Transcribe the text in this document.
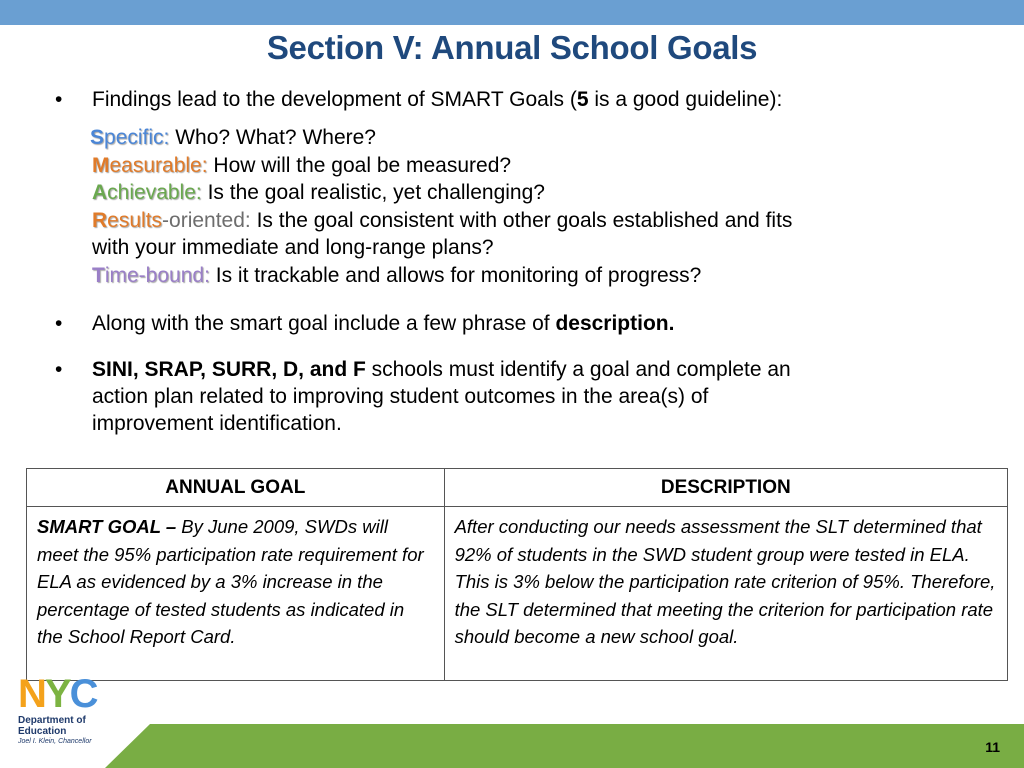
Section V: Annual School Goals
• Findings lead to the development of SMART Goals (5 is a good guideline):
Specific: Who? What? Where?
Measurable: How will the goal be measured?
Achievable: Is the goal realistic, yet challenging?
Results-oriented: Is the goal consistent with other goals established and fits
with your immediate and long-range plans?
Time-bound: Is it trackable and allows for monitoring of progress?
• Along with the smart goal include a few phrase of description.
• SINI, SRAP, SURR, D, and F schools must identify a goal and complete an
action plan related to improving student outcomes in the area(s) of
improvement identification.
ANNUAL GOAL	DESCRIPTION
SMART GOAL – By June 2009, SWDs will meet the 95% participation rate requirement for ELA as evidenced by a 3% increase in the percentage of tested students as indicated in the School Report Card.	After conducting our needs assessment the SLT determined that 92% of students in the SWD student group were tested in ELA. This is 3% below the participation rate criterion of 95%. Therefore, the SLT determined that meeting the criterion for participation rate should become a new school goal.
11
NYC
Department of
Education
Joel I. Klein, Chancellor
